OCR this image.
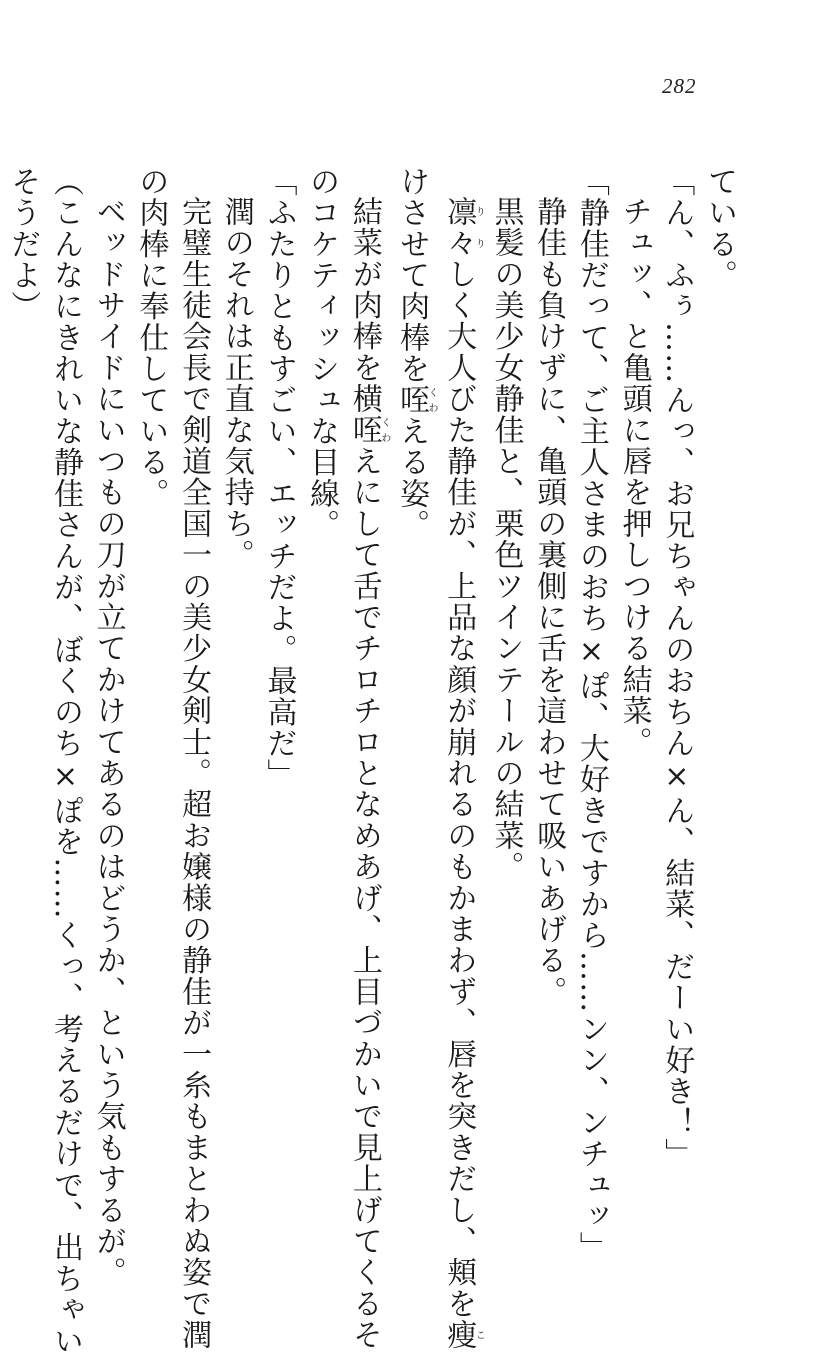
282
ている。
「ん、ふぅ……んっ、お兄ちゃんのおちん×ん、結菜、だーい好き！」
チュッ、と亀頭に唇を押しつける結菜。
「静佳だって、ご主人さまのおち×ぽ、大好きですから……ンン、ンチュッ」
静佳も負けずに、亀頭の裏側に舌を這わせて吸いあげる。
黒髪の美少女静佳と、栗色ツインテールの結菜。
凛々りりしく大人びた静佳が、上品な顔が崩れるのもかまわず、唇を突きだし、頬を瘦こ
けさせて肉棒を咥くわえる姿。
結菜が肉棒を横咥くわえにして舌でチロチロとなめあげ、上目づかいで見上げてくるそ
のコケティッシュな目線。
「ふたりともすごい、エッチだよ。最高だ」
潤のそれは正直な気持ち。
完璧生徒会長で剣道全国一の美少女剣士。超お嬢様の静佳が一糸もまとわぬ姿で潤
の肉棒に奉仕している。
ベッドサイドにいつもの刀が立てかけてあるのはどうか、という気もするが。
（こんなにきれいな静佳さんが、ぼくのち×ぽを……くっ、考えるだけで、出ちゃい
そうだよ）
